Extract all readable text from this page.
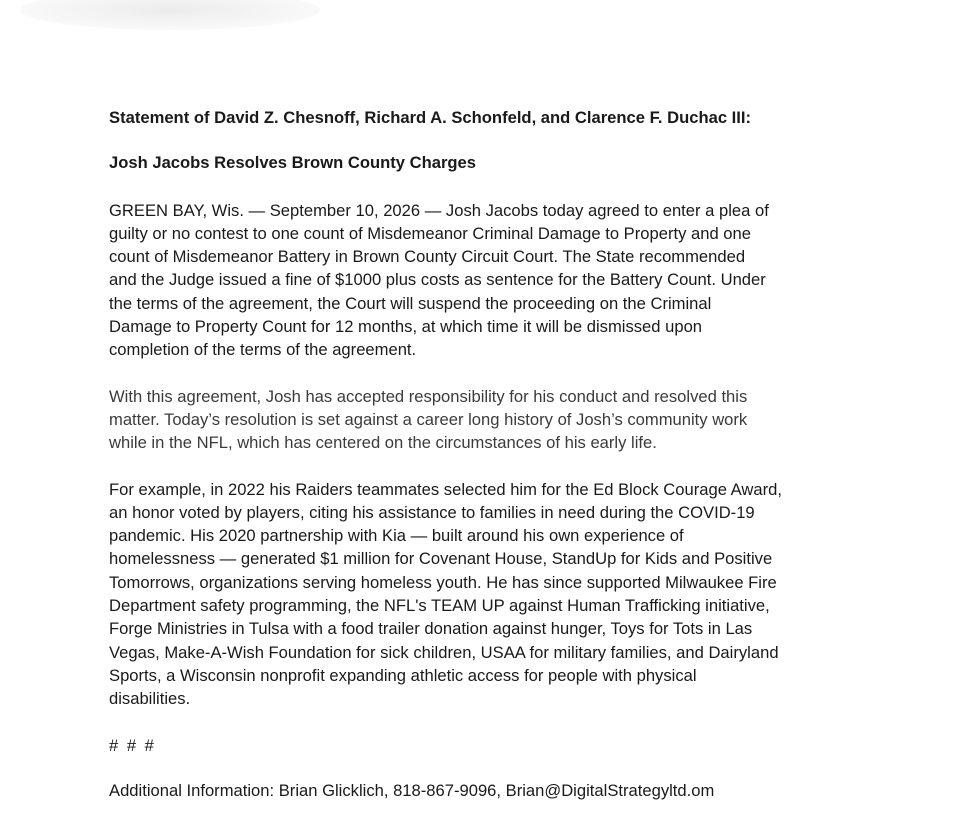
Statement of David Z. Chesnoff, Richard A. Schonfeld, and Clarence F. Duchac III:
Josh Jacobs Resolves Brown County Charges
GREEN BAY, Wis. — September 10, 2026 — Josh Jacobs today agreed to enter a plea of
guilty or no contest to one count of Misdemeanor Criminal Damage to Property and one
count of Misdemeanor Battery in Brown County Circuit Court. The State recommended
and the Judge issued a fine of $1000 plus costs as sentence for the Battery Count. Under
the terms of the agreement, the Court will suspend the proceeding on the Criminal
Damage to Property Count for 12 months, at which time it will be dismissed upon
completion of the terms of the agreement.
With this agreement, Josh has accepted responsibility for his conduct and resolved this
matter. Today’s resolution is set against a career long history of Josh’s community work
while in the NFL, which has centered on the circumstances of his early life.
For example, in 2022 his Raiders teammates selected him for the Ed Block Courage Award,
an honor voted by players, citing his assistance to families in need during the COVID-19
pandemic. His 2020 partnership with Kia — built around his own experience of
homelessness — generated $1 million for Covenant House, StandUp for Kids and Positive
Tomorrows, organizations serving homeless youth. He has since supported Milwaukee Fire
Department safety programming, the NFL's TEAM UP against Human Trafficking initiative,
Forge Ministries in Tulsa with a food trailer donation against hunger, Toys for Tots in Las
Vegas, Make-A-Wish Foundation for sick children, USAA for military families, and Dairyland
Sports, a Wisconsin nonprofit expanding athletic access for people with physical
disabilities.
# # #
Additional Information: Brian Glicklich, 818-867-9096, Brian@DigitalStrategyltd.om
